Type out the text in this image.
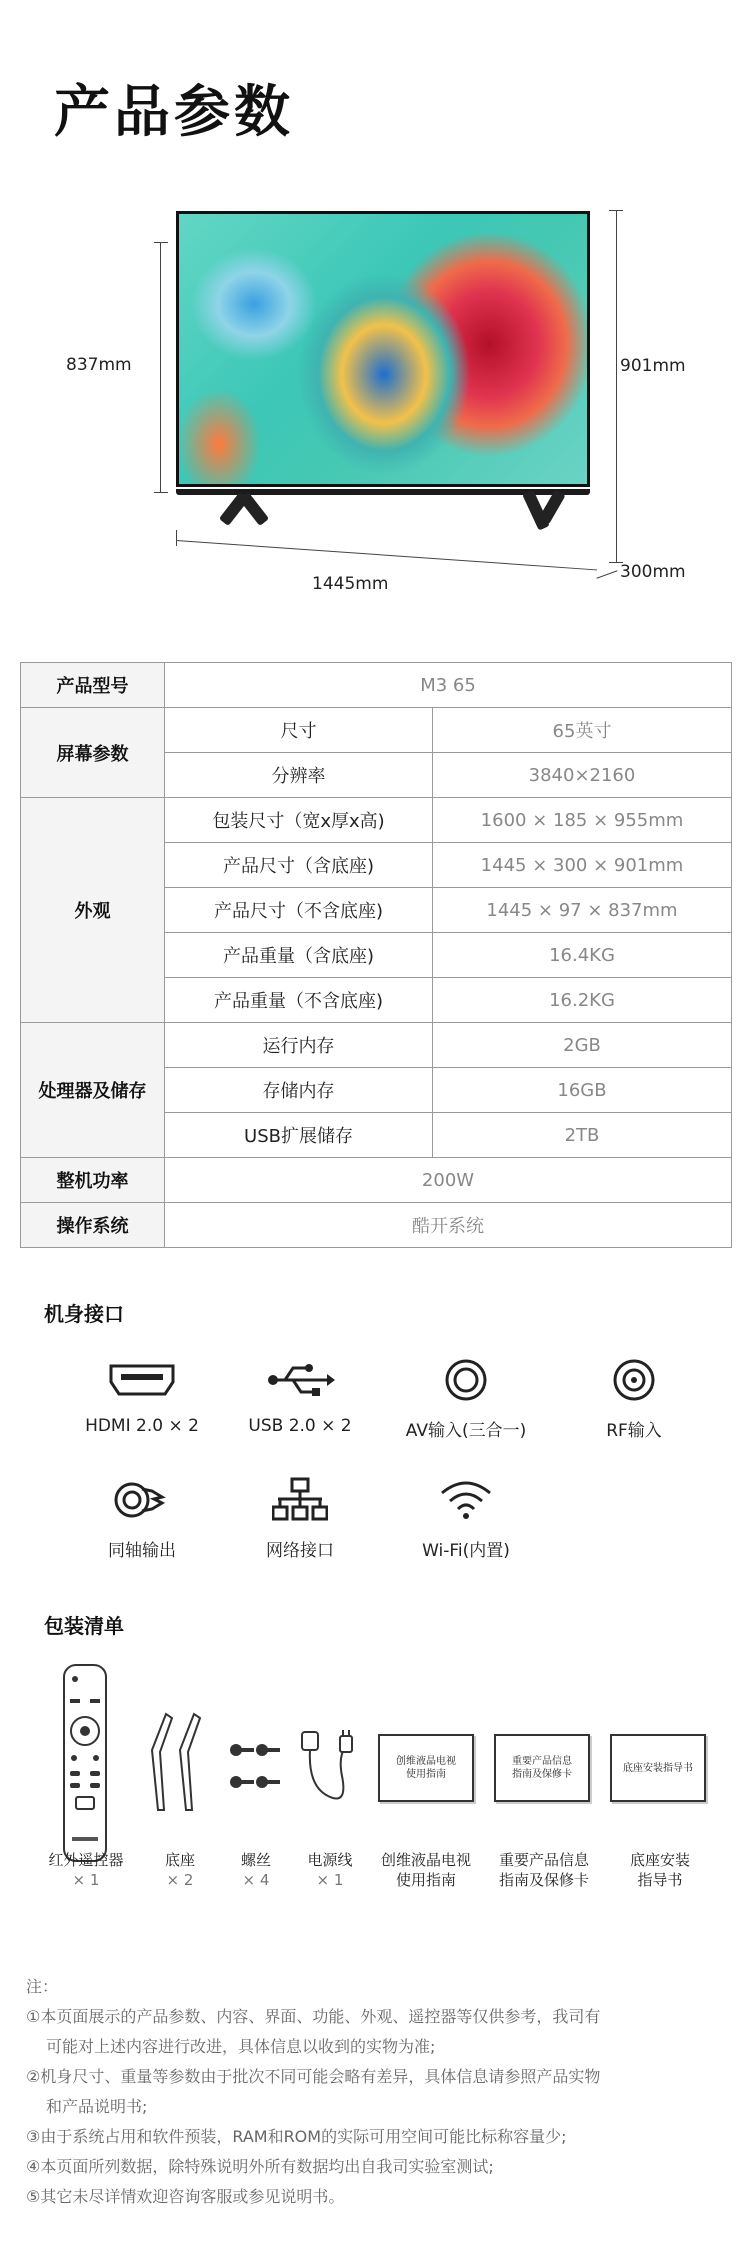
产品参数
837mm	901mm
1445mm
300mm
产品型号	M3 65	
屏幕参数	尺寸	65英寸
	分辨率	3840×2160
外观	包装尺寸（宽x厚x高)	1600 × 185 × 955mm
	产品尺寸（含底座)	1445 × 300 × 901mm
	产品尺寸（不含底座)	1445 × 97 × 837mm
	产品重量（含底座)	16.4KG
	产品重量（不含底座)	16.2KG
处理器及储存	运行内存	2GB
	存储内存	16GB
	USB扩展储存	2TB
整机功率	200W	
操作系统	酷开系统	
机身接口
HDMI 2.0 × 2	USB 2.0 × 2	AV输入(三合一)	RF输入
同轴输出	网络接口	Wi-Fi(内置)
包装清单
创维液晶电视
使用指南
重要产品信息
指南及保修卡
底座安装指导书
红外遥控器
× 1
底座
× 2
螺丝
× 4
电源线
× 1
创维液晶电视
使用指南
重要产品信息
指南及保修卡
底座安装
指导书

注：

①本页面展示的产品参数、内容、界面、功能、外观、遥控器等仅供参考，我司有

可能对上述内容进行改进，具体信息以收到的实物为准;

②机身尺寸、重量等参数由于批次不同可能会略有差异，具体信息请参照产品实物

和产品说明书;

③由于系统占用和软件预装，RAM和ROM的实际可用空间可能比标称容量少;

④本页面所列数据，除特殊说明外所有数据均出自我司实验室测试;

⑤其它未尽详情欢迎咨询客服或参见说明书。
